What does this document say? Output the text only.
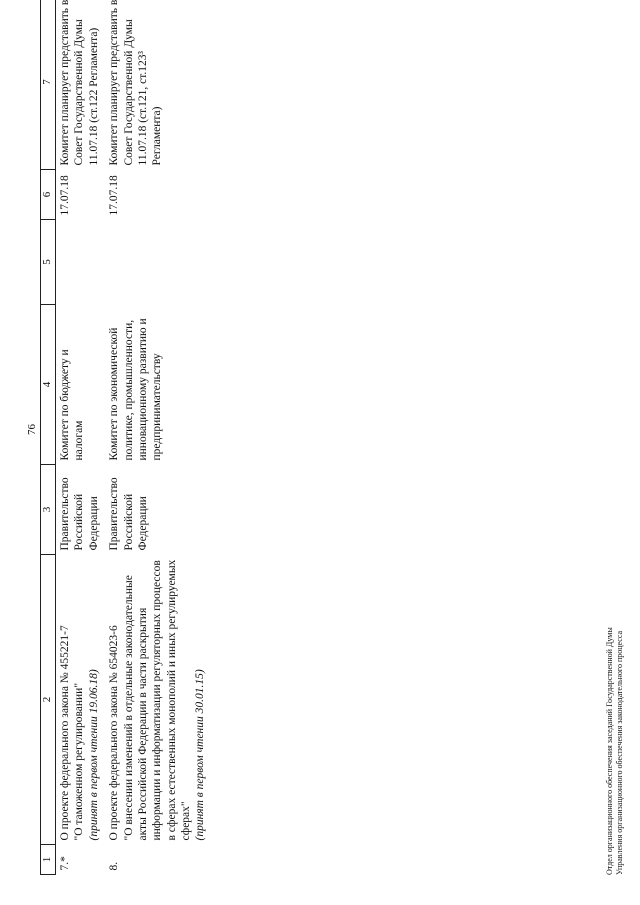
76
1	2	3	4	5	6	7
7.*	О проекте федерального закона № 455221-7 "О таможенном регулировании" (принят в первом чтении 19.06.18)	Правительство Российской Федерации	Комитет по бюджету и налогам		17.07.18	Комитет планирует представить в Совет Государственной Думы 11.07.18 (ст.122 Регламента)
8.	О проекте федерального закона № 654023-6 "О внесении изменений в отдельные законодательные акты Российской Федерации в части раскрытия информации и информатизации регуляторных процессов в сферах естественных монополий и иных регулируемых сферах" (принят в первом чтении 30.01.15)	Правительство Российской Федерации	Комитет по экономической политике, промышленности, инновационному развитию и предпринимательству		17.07.18	Комитет планирует представить в Совет Государственной Думы 11.07.18 (ст.121, ст.123³ Регламента)
Отдел организационного обеспечения заседаний Государственной Думы Управления организационного обеспечения законодательного процесса
